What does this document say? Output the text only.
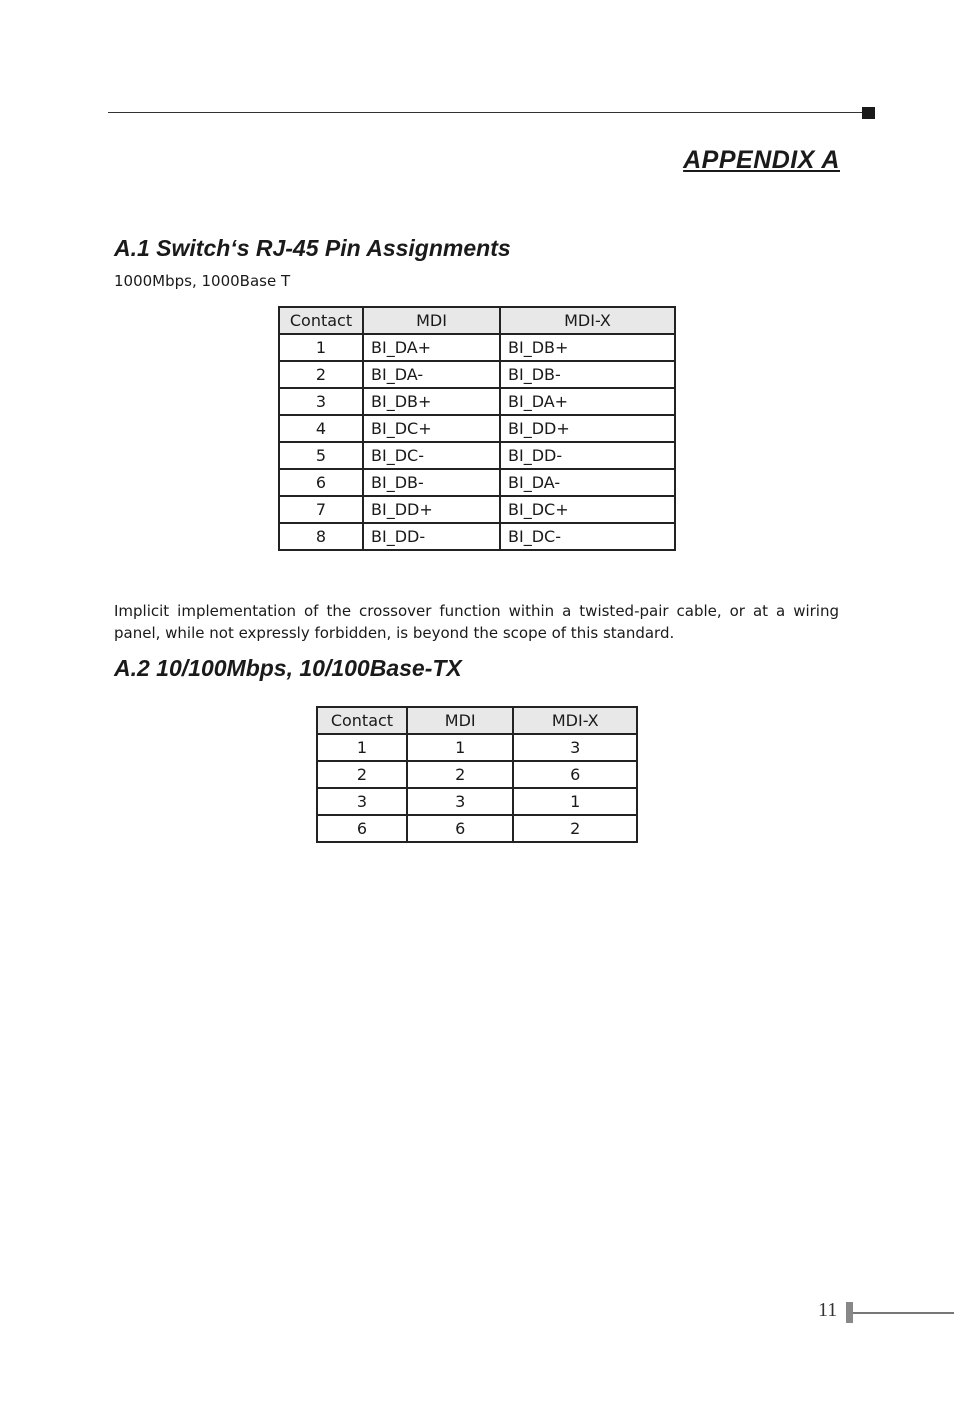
APPENDIX A
A.1 Switch‘s RJ-45 Pin Assignments
1000Mbps, 1000Base T
Contact	MDI	MDI-X
1	BI_DA+	BI_DB+
2	BI_DA-	BI_DB-
3	BI_DB+	BI_DA+
4	BI_DC+	BI_DD+
5	BI_DC-	BI_DD-
6	BI_DB-	BI_DA-
7	BI_DD+	BI_DC+
8	BI_DD-	BI_DC-

Implicit implementation of the crossover function within a twisted-pair cable, or at a wiring panel, while not expressly forbidden, is beyond the scope of this standard.

A.2 10/100Mbps, 10/100Base-TX
Contact	MDI	MDI-X
1	1	3
2	2	6
3	3	1
6	6	2
11
